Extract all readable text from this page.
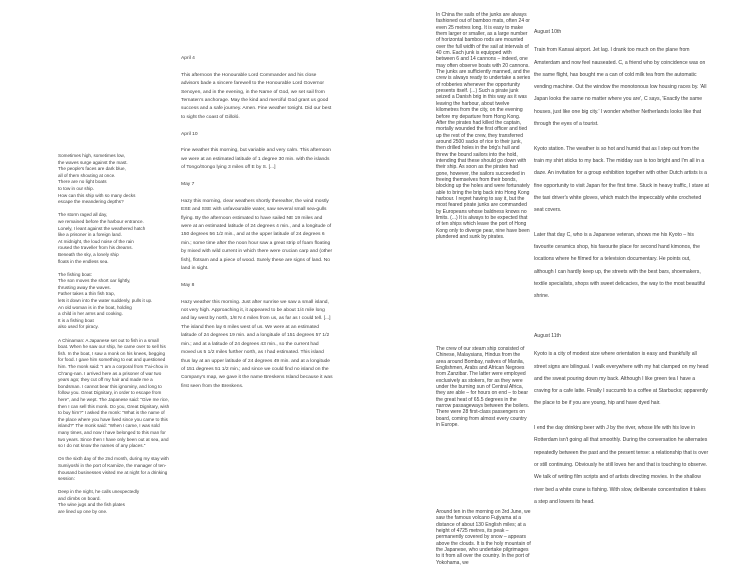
Sometimes high, sometimes low,

the waves surge against the mast.

The people's faces are dark blue,

all of them shouting at once.

There are no light boats

to tow in our ship.

How can this ship with so many decks

escape the meandering depths?

The storm raged all day,

we remained before the harbour entrance.

Lonely, I leant against the weathered hatch

like a prisoner in a foreign land.

At midnight, the loud noise of the rain

roused the traveller from his dreams.

Beneath the sky, a lonely ship

floats in the endless sea.

The fishing boat:

The son moves the short oar lightly,

thrusting away the waves.

Father takes a thin fish trap,

lets it down into the water suddenly, pulls it up.

An old woman is in the boat, holding

a child in her arms and cooking.

It is a fishing boat

also used for piracy.

A Chinaman: A Japanese set out to fish in a small boat. When he saw our ship, he came over to sell his fish. In the boat, I saw a monk on his knees, begging for food. I gave him something to eat and questioned him. The monk said: "I am a corporal from T'ai-chou in Ch'ang-nan. I arrived here as a prisoner of war two years ago; they cut off my hair and made me a bondsman. I cannot bear this ignominy, and long to follow you. Great Dignitary, in order to escape from here", and he wept. The Japanese said: "Give me rice, then I can sell this monk. Do you, Great Dignitary, wish to buy him?" I asked the monk: "What is the name of the place where you have lived since you came to this island?" The monk said: "When I came, I was sold many times, and now I have belonged to this man for two years. Since then I have only been out at sea, and so I do not know the names of any places."

On the sixth day of the 2nd month, during my stay with Sumiyoshi in the port of Kamiize, the manager of ten-thousand businesses visited me at night for a drinking session:

Deep in the night, he calls unexpectedly

and climbs on board.

The wine jugs and the fish plates

are lined up one by one.

April 4

This afternoon the Honourable Lord Commander and his close advisors bade a sincere farewell to the Honourable Lord Governor Senoyen, and in the evening, in the Name of God, we set sail from Ternaten's anchorage. May the kind and merciful God grant us good success and a safe journey. Amen. Fine weather tonight. Did our best to sight the coast of Gilloló.

April 10

Fine weather this morning, but variable and very calm. This afternoon we were at an estimated latitude of 1 degree 30 min. with the islands of Tongo/Songo lying 3 miles off E by S. [...]

May 7

Hazy this morning, clear weathers shortly thereafter, the wind mostly ESE and SSE with unfavourable water, saw several small sea-gulls flying. By the afternoon estimated to have sailed NE 19 miles and were at an estimated latitude of 24 degrees 4 min., and a longitude of 150 degrees 56 1/2 min., and at the upper latitude of 24 degrees 6 min.; some time after the noon hour saw a great strip of foam floating by mixed with wild current in which there were crucian carp and (other fish), flotsam and a piece of wood. Surely these are signs of land. No land in sight.

May 8

Hazy weather this morning. Just after sunrise we saw a small island, not very high. Approaching it, it appeared to be about 1/4 mile long and lay west by north, 1/8 N 4 miles from us, as far as I could tell. [...] The island then lay 6 miles west of us. We were at an estimated latitude of 24 degrees 19 min. and a longitude of 151 degrees 57 1/2 min.; and at a latitude of 24 degrees 43 min., so the current had moved us 5 1/2 miles further north, as I had estimated. This island thus lay at an upper latitude of 24 degrees 49 min. and at a longitude of 151 degrees 51 1/2 min.; and since we could find no island on the Company's map, we gave it the name Breskens Island because it was first seen from the Breskens.

In China the sails of the junks are always fashioned out of bamboo mats, often 24 or even 25 metres long. It is easy to make them larger or smaller, as a large number of horizontal bamboo rods are mounted over the full width of the sail at intervals of 40 cm. Each junk is equipped with between 6 and 14 cannons – indeed, one may often observe boats with 20 cannons. The junks are sufficiently manned, and the crew is always ready to undertake a series of robberies whenever the opportunity presents itself. (...) Such a pirate junk seized a Danish brig in this way as it was leaving the harbour, about twelve kilometres from the city, on the evening before my departure from Hong Kong. After the pirates had killed the captain, mortally wounded the first officer and tied up the rest of the crew, they transferred around 2500 sacks of rice to their junk, then drilled holes in the brig's hull and threw the bound sailors into the hold, intending that these should go down with their ship. As soon as the pirates had gone, however, the sailors succeeded in freeing themselves from their bonds, blocking up the holes and were fortunately able to bring the brig back into Hong Kong harbour. I regret having to say it, but the most feared pirate junks are commanded by Europeans whose baldness knows no limits. (...) It is always to be expected that of ten ships which leave the port of Hong Kong only to diverge pear, nine have been plundered and sunk by pirates.

The crew of our steam ship consisted of Chinese, Malaysians, Hindus from the area around Bombay, natives of Manila, Englishmen, Arabs and African Negroes from Zanzibar. The latter were employed exclusively as stokers, for as they were under the burning sun of Central Africa, they are able – for hours on end – to bear the great heat of 65.5 degrees in the narrow passageways between the boilers. There were 28 first-class passengers on board, coming from almost every country in Europe.

Around ten in the morning on 3rd June, we saw the famous volcano Fujiyama at a distance of about 130 English miles; at a height of 4725 metres, its peak – permanently covered by snow – appears above the clouds. It is the holy mountain of the Japanese, who undertake pilgrimages to it from all over the country. In the port of Yokohama, we

August 10th

Train from Kansai airport. Jet lag. I drank too much on the plane from Amsterdam and now feel nauseated. C, a friend who by coincidence was on the same flight, has bought me a can of cold milk tea from the automatic vending machine. Out the window the monotonous low housing races by. 'All Japan looks the same no matter where you are', C says, 'Exactly the same houses, just like one big city.' I wonder whether Netherlands looks like that through the eyes of a tourist.

Kyoto station. The weather is so hot and humid that as I step out from the train my shirt sticks to my back. The midday sun is too bright and I'm all in a daze. An invitation for a group exhibition together with other Dutch artists is a fine opportunity to visit Japan for the first time. Stuck in heavy traffic, I stare at the taxi driver's white gloves, which match the impeccably white crocheted seat covers.

Later that day C, who is a Japanese veteran, shows me his Kyoto – his favourite ceramics shop, his favourite place for second hand kimonos, the locations where he filmed for a television documentary. He points out, although I can hardly keep up, the streets with the best bars, shoemakers, textile specialists, shops with sweet delicacies, the way to the most beautiful shrine.

August 11th

Kyoto is a city of modest size where orientation is easy and thankfully all street signs are bilingual. I walk everywhere with my hat clamped on my head and the sweat pouring down my back. Although I like green tea I have a craving for a cafe latte. Finally I succumb to a coffee at Starbucks; apparently the place to be if you are young, hip and have dyed hair.

I end the day drinking beer with J by the river, whose life with his love in Rotterdam isn't going all that smoothly. During the conversation he alternates repeatedly between the past and the present tense: a relationship that is over or still continuing. Obviously he still loves her and that is touching to observe. We talk of writing film scripts and of artists directing movies. In the shallow river bed a white crane is fishing. With slow, deliberate concentration it takes a step and lowers its head.
